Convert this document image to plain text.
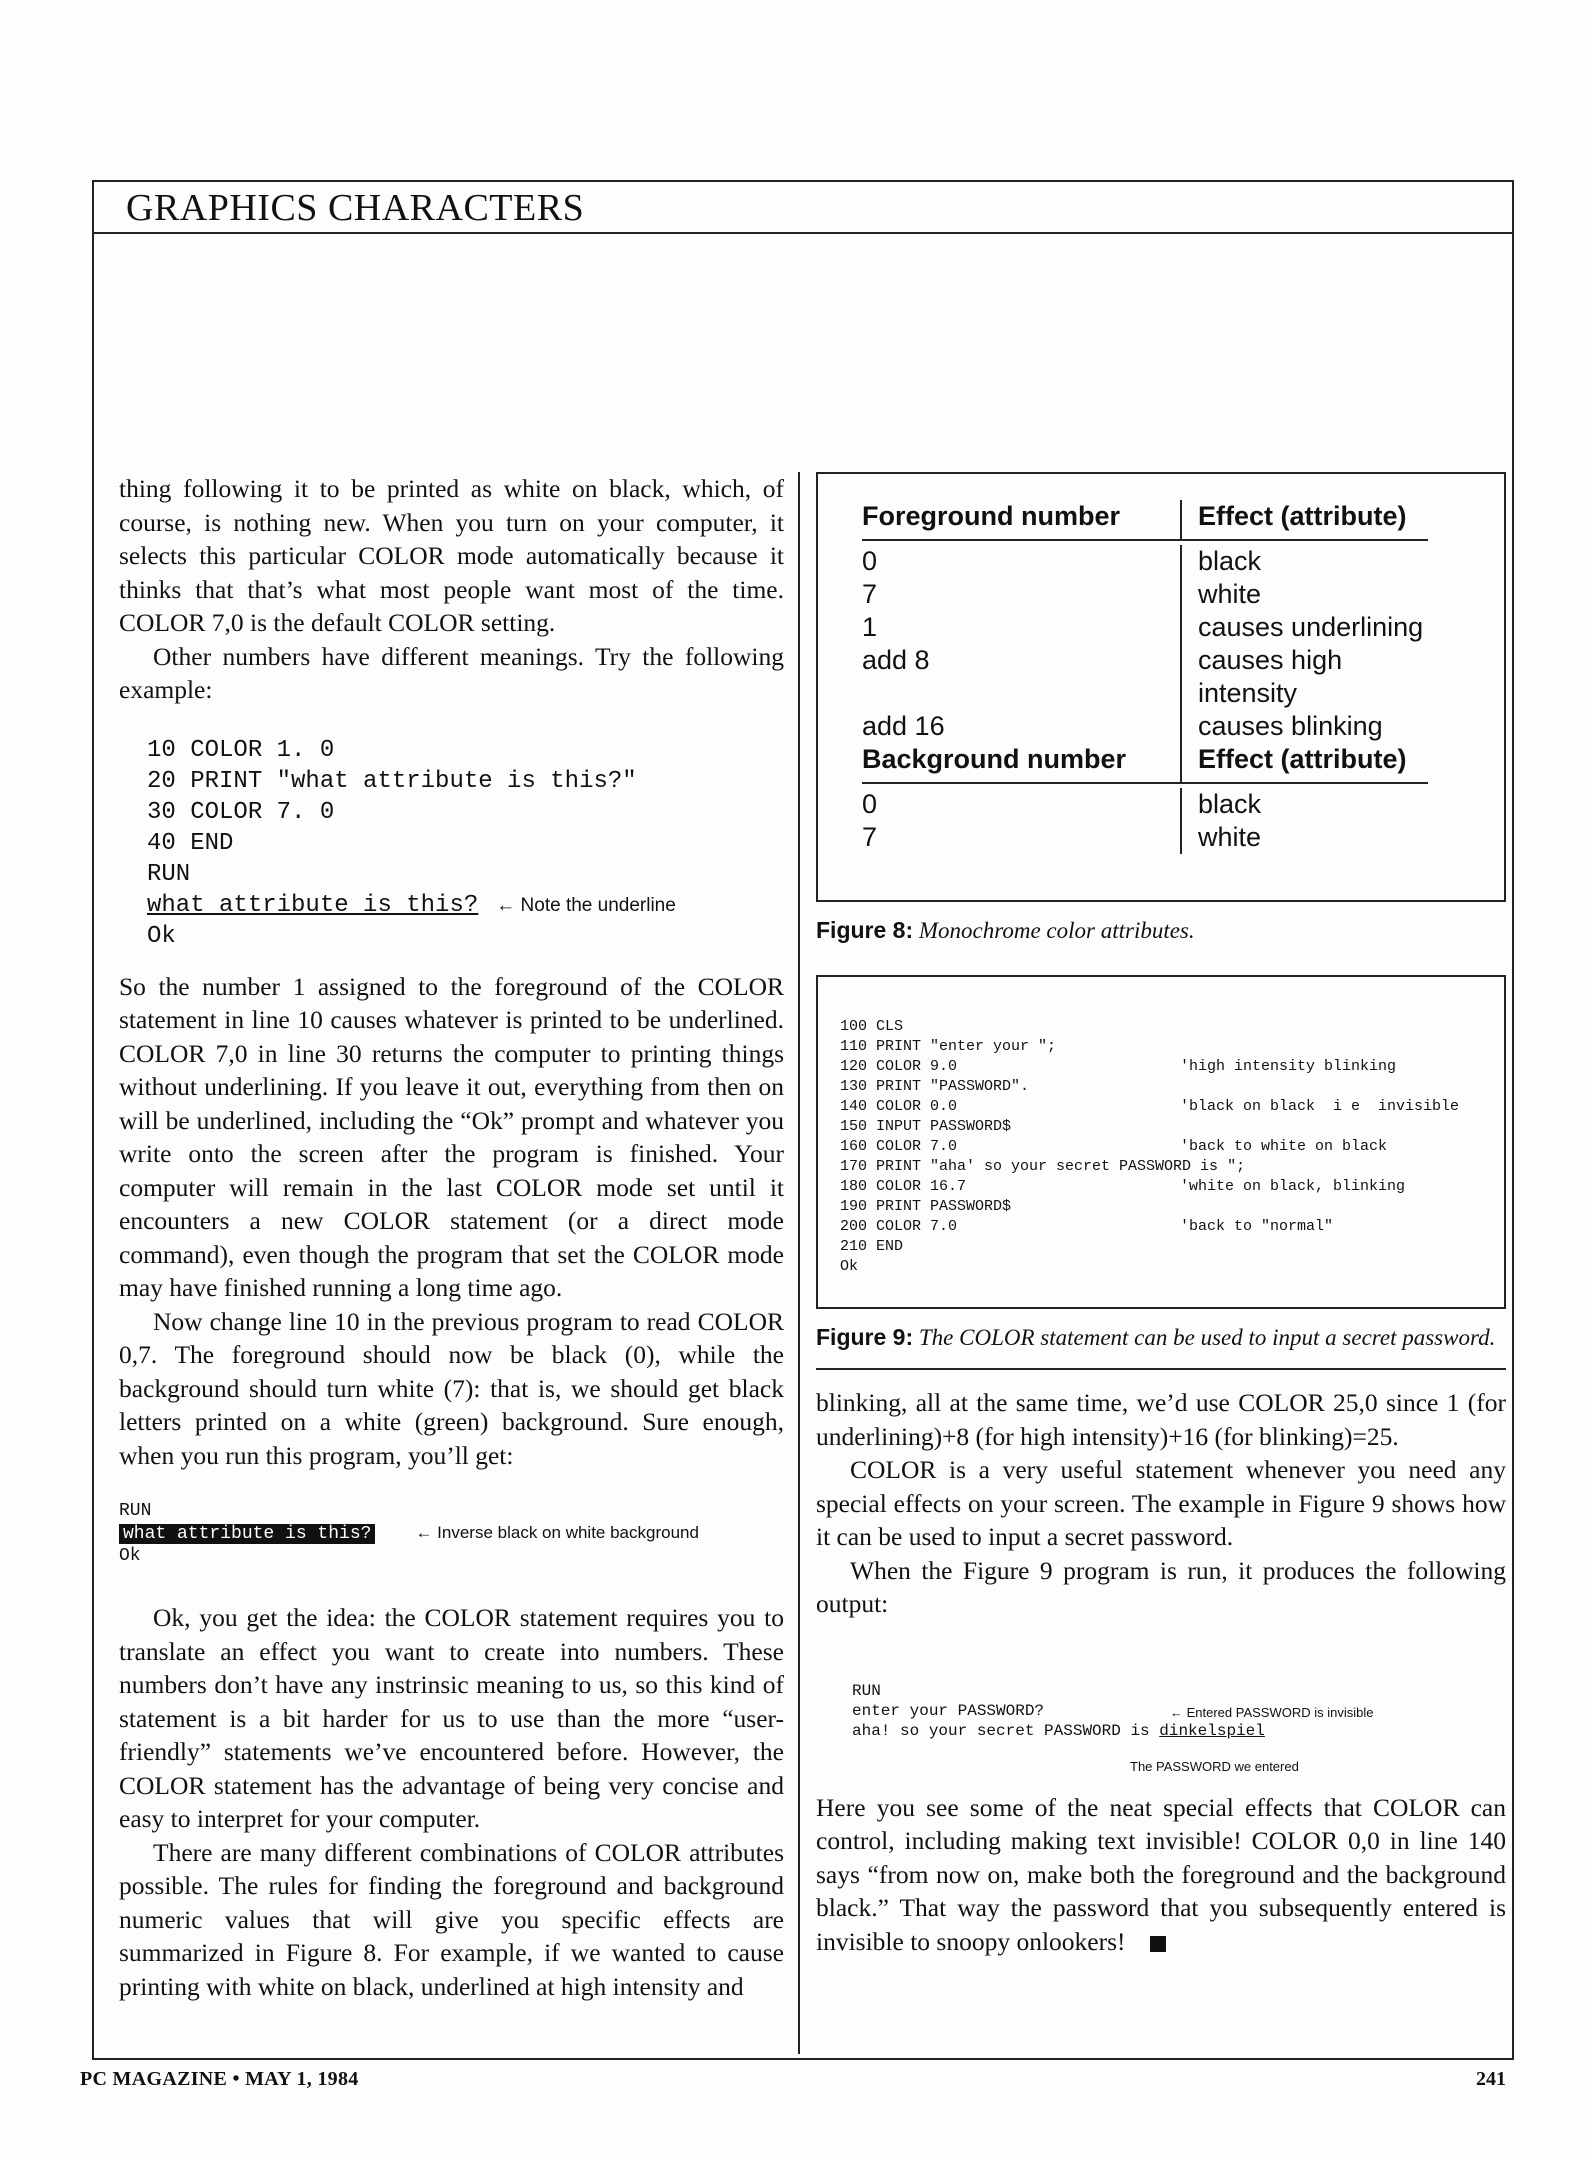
GRAPHICS CHARACTERS

thing following it to be printed as white on black, which, of course, is nothing new. When you turn on your computer, it selects this particular COLOR mode automatically because it thinks that that’s what most people want most of the time. COLOR 7,0 is the default COLOR setting.

Other numbers have different meanings. Try the following example:

10 COLOR 1. 0
20 PRINT "what attribute is this?"
30 COLOR 7. 0
40 END
RUN
what attribute is this? ← Note the underline
Ok

So the number 1 assigned to the foreground of the COLOR statement in line 10 causes whatever is printed to be underlined. COLOR 7,0 in line 30 returns the computer to printing things without underlining. If you leave it out, everything from then on will be underlined, including the “Ok” prompt and whatever you write onto the screen after the program is finished. Your computer will remain in the last COLOR mode set until it encounters a new COLOR statement (or a direct mode command), even though the program that set the COLOR mode may have finished running a long time ago.

Now change line 10 in the previous program to read COLOR 0,7. The foreground should now be black (0), while the background should turn white (7): that is, we should get black letters printed on a white (green) background. Sure enough, when you run this program, you’ll get:

RUN
what attribute is this?	← Inverse black on white background
Ok

Ok, you get the idea: the COLOR statement requires you to translate an effect you want to create into numbers. These numbers don’t have any instrinsic meaning to us, so this kind of statement is a bit harder for us to use than the more “user-friendly” statements we’ve encountered before. However, the COLOR statement has the advantage of being very concise and easy to interpret for your computer.

There are many different combinations of COLOR attributes possible. The rules for finding the foreground and background numeric values that will give you specific effects are summarized in Figure 8. For example, if we wanted to cause printing with white on black, underlined at high intensity and

Foreground number	Effect (attribute)
0	black
7	white
1	causes underlining
add 8	causes high intensity
add 16	causes blinking
Background number	Effect (attribute)
0	black
7	white
Figure 8: Monochrome color attributes.
100 CLS
110 PRINT "enter your ";
120 COLOR 9.0	'high intensity blinking
130 PRINT "PASSWORD".
140 COLOR 0.0	'black on black  i e  invisible
150 INPUT PASSWORD$
160 COLOR 7.0	'back to white on black
170 PRINT "aha' so your secret PASSWORD is ";
180 COLOR 16.7	'white on black, blinking
190 PRINT PASSWORD$
200 COLOR 7.0	'back to "normal"
210 END
Ok
Figure 9: The COLOR statement can be used to input a secret password.

blinking, all at the same time, we’d use COLOR 25,0 since 1 (for underlining)+8 (for high intensity)+16 (for blinking)=25.

COLOR is a very useful statement whenever you need any special effects on your screen. The example in Figure 9 shows how it can be used to input a secret password.

When the Figure 9 program is run, it produces the following output:

RUN
enter your PASSWORD?
aha! so your secret PASSWORD is dinkelspiel
← Entered PASSWORD is invisible
The PASSWORD we entered

Here you see some of the neat special effects that COLOR can control, including making text invisible! COLOR 0,0 in line 140 says “from now on, make both the foreground and the background black.” That way the password that you subsequently entered is invisible to snoopy onlookers!

PC MAGAZINE • MAY 1, 1984	241
